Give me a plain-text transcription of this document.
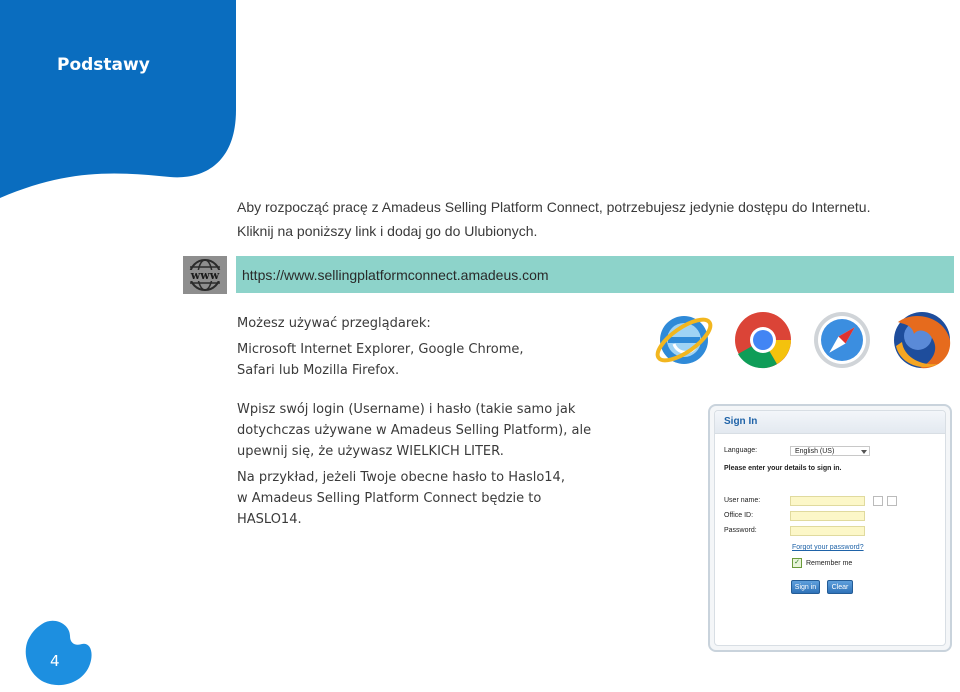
Podstawy

Aby rozpocząć pracę z Amadeus Selling Platform Connect, potrzebujesz jedynie dostępu do Internetu.

Kliknij na poniższy link i dodaj go do Ulubionych.

www https://www.sellingplatformconnect.amadeus.com

Możesz używać przeglądarek:

Microsoft Internet Explorer, Google Chrome,
Safari lub Mozilla Firefox.

Wpisz swój login (Username) i hasło (takie samo jak

dotychczas używane w Amadeus Selling Platform), ale

upewnij się, że używasz WIELKICH LITER.

Na przykład, jeżeli Twoje obecne hasło to Haslo14,

w Amadeus Selling Platform Connect będzie to

HASLO14.

Sign In
Language:	English (US)
Please enter your details to sign in.
User name:
Office ID:
Password:
Forgot your password?
✓ Remember me
Sign in	Clear
4
